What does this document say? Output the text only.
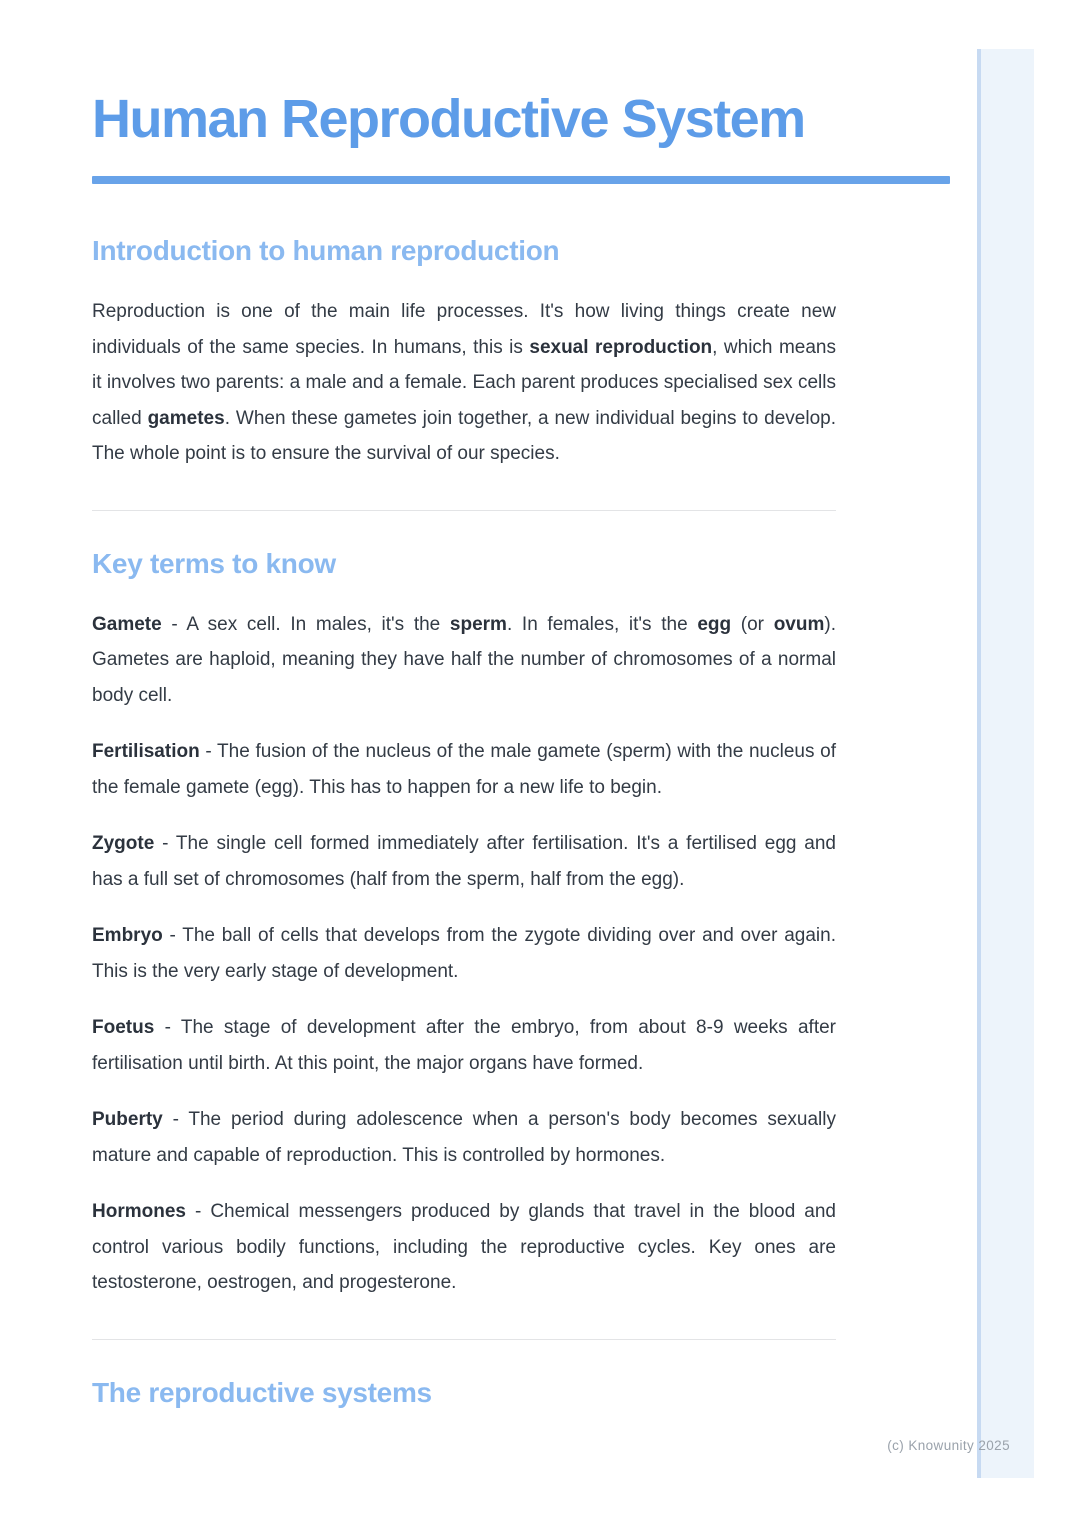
Human Reproductive System
Introduction to human reproduction

Reproduction is one of the main life processes. It's how living things create new individuals of the same species. In humans, this is sexual reproduction, which means it involves two parents: a male and a female. Each parent produces specialised sex cells called gametes. When these gametes join together, a new individual begins to develop. The whole point is to ensure the survival of our species.

Key terms to know

Gamete - A sex cell. In males, it's the sperm. In females, it's the egg (or ovum). Gametes are haploid, meaning they have half the number of chromosomes of a normal body cell.

Fertilisation - The fusion of the nucleus of the male gamete (sperm) with the nucleus of the female gamete (egg). This has to happen for a new life to begin.

Zygote - The single cell formed immediately after fertilisation. It's a fertilised egg and has a full set of chromosomes (half from the sperm, half from the egg).

Embryo - The ball of cells that develops from the zygote dividing over and over again. This is the very early stage of development.

Foetus - The stage of development after the embryo, from about 8-9 weeks after fertilisation until birth. At this point, the major organs have formed.

Puberty - The period during adolescence when a person's body becomes sexually mature and capable of reproduction. This is controlled by hormones.

Hormones - Chemical messengers produced by glands that travel in the blood and control various bodily functions, including the reproductive cycles. Key ones are testosterone, oestrogen, and progesterone.

The reproductive systems
(c) Knowunity 2025
